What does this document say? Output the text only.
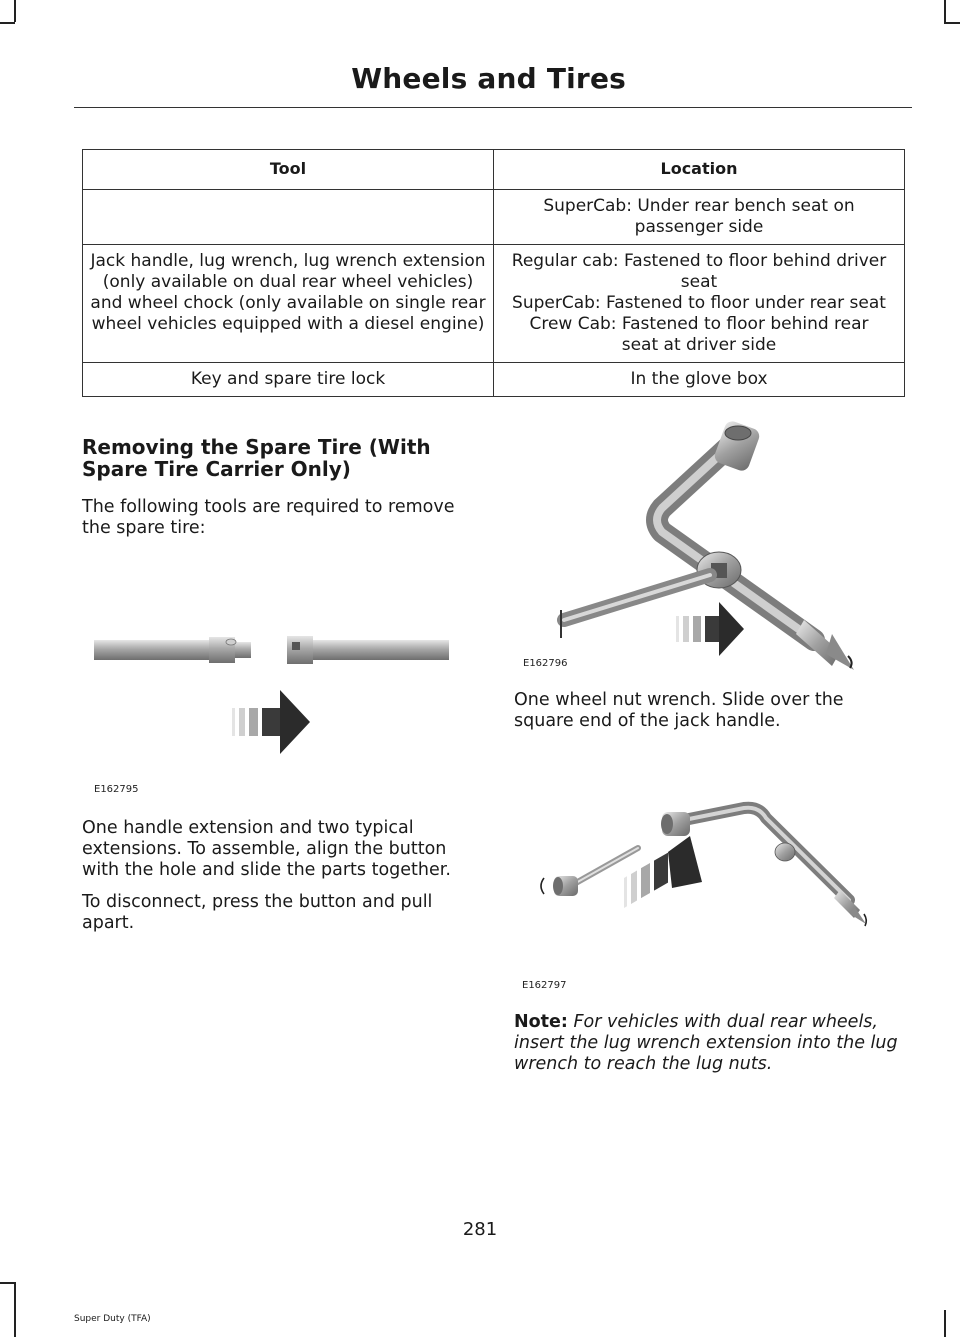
Wheels and Tires
Tool	Location

	SuperCab: Under rear bench seat on passenger side

Jack handle, lug wrench, lug wrench extension (only available on dual rear wheel vehicles) and wheel chock (only available on single rear wheel vehicles equipped with a diesel engine)	Regular cab: Fastened to floor behind driver seat
SuperCab: Fastened to floor under rear seat
Crew Cab: Fastened to floor behind rear seat at driver side

Key and spare tire lock	In the glove box
Removing the Spare Tire (With Spare Tire Carrier Only)
The following tools are required to remove the spare tire:
E162795
One handle extension and two typical extensions. To assemble, align the button with the hole and slide the parts together.
To disconnect, press the button and pull apart.
E162796
One wheel nut wrench. Slide over the square end of the jack handle.
E162797
Note: For vehicles with dual rear wheels, insert the lug wrench extension into the lug wrench to reach the lug nuts.
281
Super Duty (TFA)
